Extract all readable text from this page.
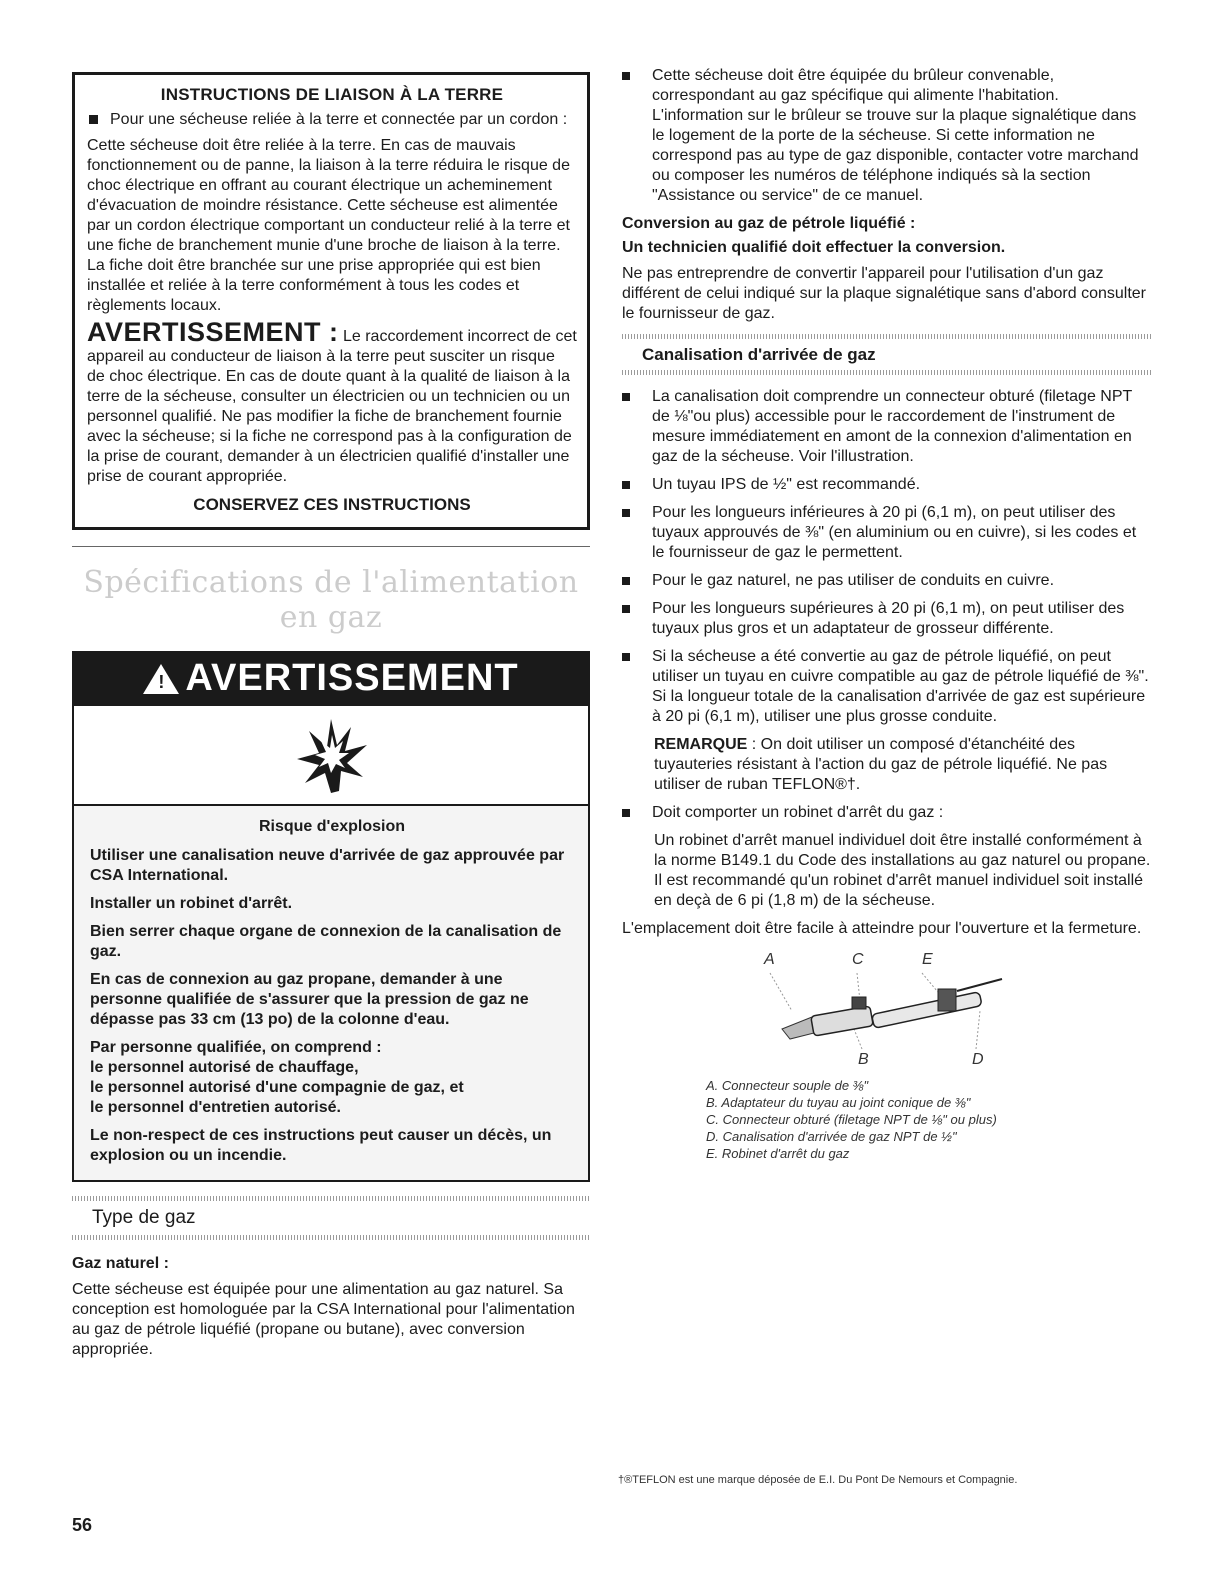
INSTRUCTIONS DE LIAISON À LA TERRE
Pour une sécheuse reliée à la terre et connectée par un cordon :

Cette sécheuse doit être reliée à la terre. En cas de mauvais fonctionnement ou de panne, la liaison à la terre réduira le risque de choc électrique en offrant au courant électrique un acheminement d'évacuation de moindre résistance. Cette sécheuse est alimentée par un cordon électrique comportant un conducteur relié à la terre et une fiche de branchement munie d'une broche de liaison à la terre. La fiche doit être branchée sur une prise appropriée qui est bien installée et reliée à la terre conformément à tous les codes et règlements locaux.

AVERTISSEMENT : Le raccordement incorrect de cet appareil au conducteur de liaison à la terre peut susciter un risque de choc électrique. En cas de doute quant à la qualité de liaison à la terre de la sécheuse, consulter un électricien ou un technicien ou un personnel qualifié. Ne pas modifier la fiche de branchement fournie avec la sécheuse; si la fiche ne correspond pas à la configuration de la prise de courant, demander à un électricien qualifié d'installer une prise de courant appropriée.

CONSERVEZ CES INSTRUCTIONS
Spécifications de l'alimentation en gaz
! AVERTISSEMENT
Risque d'explosion

Utiliser une canalisation neuve d'arrivée de gaz approuvée par CSA International.

Installer un robinet d'arrêt.

Bien serrer chaque organe de connexion de la canalisation de gaz.

En cas de connexion au gaz propane, demander à une personne qualifiée de s'assurer que la pression de gaz ne dépasse pas 33 cm (13 po) de la colonne d'eau.

Par personne qualifiée, on comprend :

le personnel autorisé de chauffage,

le personnel autorisé d'une compagnie de gaz, et

le personnel d'entretien autorisé.

Le non-respect de ces instructions peut causer un décès, un explosion ou un incendie.

Type de gaz
Gaz naturel :

Cette sécheuse est équipée pour une alimentation au gaz naturel. Sa conception est homologuée par la CSA International pour l'alimentation au gaz de pétrole liquéfié (propane ou butane), avec conversion appropriée.

Cette sécheuse doit être équipée du brûleur convenable, correspondant au gaz spécifique qui alimente l'habitation. L'information sur le brûleur se trouve sur la plaque signalétique dans le logement de la porte de la sécheuse. Si cette information ne correspond pas au type de gaz disponible, contacter votre marchand ou composer les numéros de téléphone indiqués sà la section "Assistance ou service" de ce manuel.
Conversion au gaz de pétrole liquéfié :
Un technicien qualifié doit effectuer la conversion.

Ne pas entreprendre de convertir l'appareil pour l'utilisation d'un gaz différent de celui indiqué sur la plaque signalétique sans d'abord consulter le fournisseur de gaz.

Canalisation d'arrivée de gaz
La canalisation doit comprendre un connecteur obturé (filetage NPT de ⅛"ou plus) accessible pour le raccordement de l'instrument de mesure immédiatement en amont de la connexion d'alimentation en gaz de la sécheuse. Voir l'illustration.
Un tuyau IPS de ½" est recommandé.
Pour les longueurs inférieures à 20 pi (6,1 m), on peut utiliser des tuyaux approuvés de ⅜" (en aluminium ou en cuivre), si les codes et le fournisseur de gaz le permettent.
Pour le gaz naturel, ne pas utiliser de conduits en cuivre.
Pour les longueurs supérieures à 20 pi (6,1 m), on peut utiliser des tuyaux plus gros et un adaptateur de grosseur différente.
Si la sécheuse a été convertie au gaz de pétrole liquéfié, on peut utiliser un tuyau en cuivre compatible au gaz de pétrole liquéfié de ⅜". Si la longueur totale de la canalisation d'arrivée de gaz est supérieure à 20 pi (6,1 m), utiliser une plus grosse conduite.

REMARQUE : On doit utiliser un composé d'étanchéité des tuyauteries résistant à l'action du gaz de pétrole liquéfié. Ne pas utiliser de ruban TEFLON®†.

Doit comporter un robinet d'arrêt du gaz :

Un robinet d'arrêt manuel individuel doit être installé conformément à la norme B149.1 du Code des installations au gaz naturel ou propane. Il est recommandé qu'un robinet d'arrêt manuel individuel soit installé en deçà de 6 pi (1,8 m) de la sécheuse.

L'emplacement doit être facile à atteindre pour l'ouverture et la fermeture.

A	C	E
B	D
A. Connecteur souple de ⅜"
B. Adaptateur du tuyau au joint conique de ⅜"
C. Connecteur obturé (filetage NPT de ⅛" ou plus)
D. Canalisation d'arrivée de gaz NPT de ½"
E. Robinet d'arrêt du gaz
†®TEFLON est une marque déposée de E.I. Du Pont De Nemours et Compagnie.
56
